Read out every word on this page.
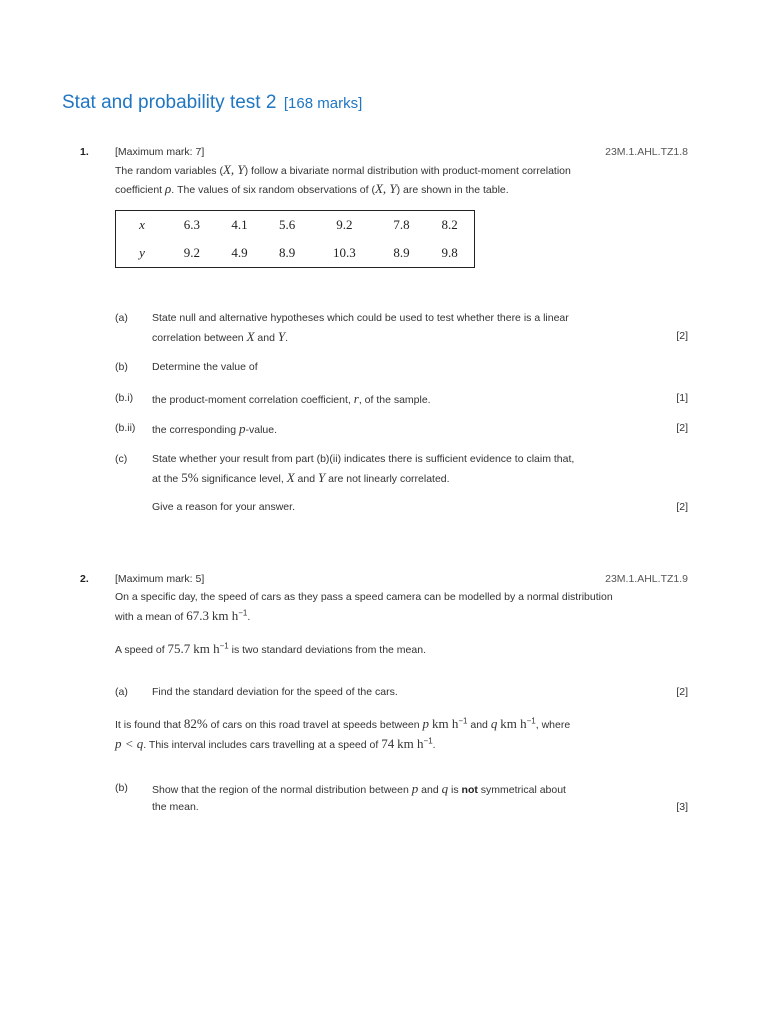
Stat and probability test 2 [168 marks]
1. [Maximum mark: 7]	23M.1.AHL.TZ1.8
The random variables (X, Y) follow a bivariate normal distribution with product-moment correlation
coefficient ρ. The values of six random observations of (X, Y) are shown in the table.
x	6.3	4.1	5.6	9.2	7.8	8.2
y	9.2	4.9	8.9	10.3	8.9	9.8
(a) State null and alternative hypotheses which could be used to test whether there is a linear
correlation between X and Y.	[2]
(b) Determine the value of
(b.i) the product-moment correlation coefficient, r, of the sample.	[1]
(b.ii) the corresponding p-value.	[2]
(c) State whether your result from part (b)(ii) indicates there is sufficient evidence to claim that,
at the 5% significance level, X and Y are not linearly correlated.
Give a reason for your answer.	[2]
2. [Maximum mark: 5]	23M.1.AHL.TZ1.9
On a specific day, the speed of cars as they pass a speed camera can be modelled by a normal distribution
with a mean of 67.3 km $h^{-1}$.
A speed of 75.7 km $h^{-1}$ is two standard deviations from the mean.
(a) Find the standard deviation for the speed of the cars.	[2]
It is found that 82% of cars on this road travel at speeds between p km $h^{-1}$ and q km $h^{-1}$, where
p < q. This interval includes cars travelling at a speed of 74 km $h^{-1}$.
(b) Show that the region of the normal distribution between p and q is not symmetrical about
the mean.	[3]
